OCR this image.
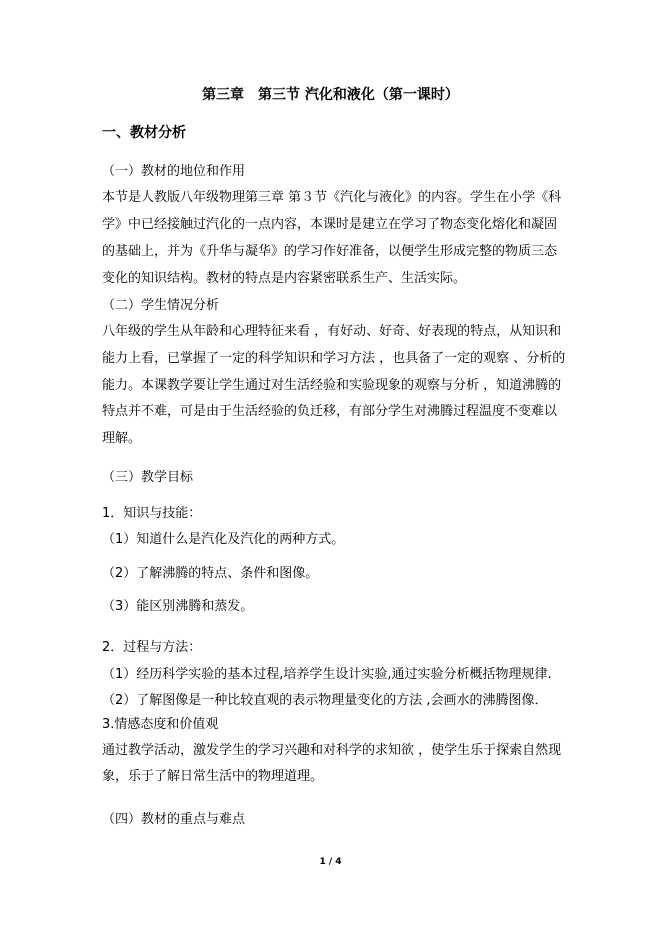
第三章　第三节 汽化和液化（第一课时）
一、教材分析
（一）教材的地位和作用
本节是人教版八年级物理第三章 第３节《汽化与液化》的内容。学生在小学《科
学》中已经接触过汽化的一点内容，本课时是建立在学习了物态变化熔化和凝固
的基础上，并为《升华与凝华》的学习作好准备，以便学生形成完整的物质三态
变化的知识结构。教材的特点是内容紧密联系生产、生活实际。
（二）学生情况分析
八年级的学生从年龄和心理特征来看 ，有好动、好奇、好表现的特点，从知识和
能力上看，已掌握了一定的科学知识和学习方法 ，也具备了一定的观察 、分析的
能力。本课教学要让学生通过对生活经验和实验现象的观察与分析 ，知道沸腾的
特点并不难，可是由于生活经验的负迁移，有部分学生对沸腾过程温度不变难以
理解。
（三）教学目标
1．知识与技能：
（1）知道什么是汽化及汽化的两种方式。
（2）了解沸腾的特点、条件和图像。
（3）能区别沸腾和蒸发。
2．过程与方法：
（1）经历科学实验的基本过程,培养学生设计实验,通过实验分析概括物理规律.
（2）了解图像是一种比较直观的表示物理量变化的方法 ,会画水的沸腾图像．
3.情感态度和价值观
通过教学活动，激发学生的学习兴趣和对科学的求知欲 ，使学生乐于探索自然现
象，乐于了解日常生活中的物理道理。
（四）教材的重点与难点
1 / 4
